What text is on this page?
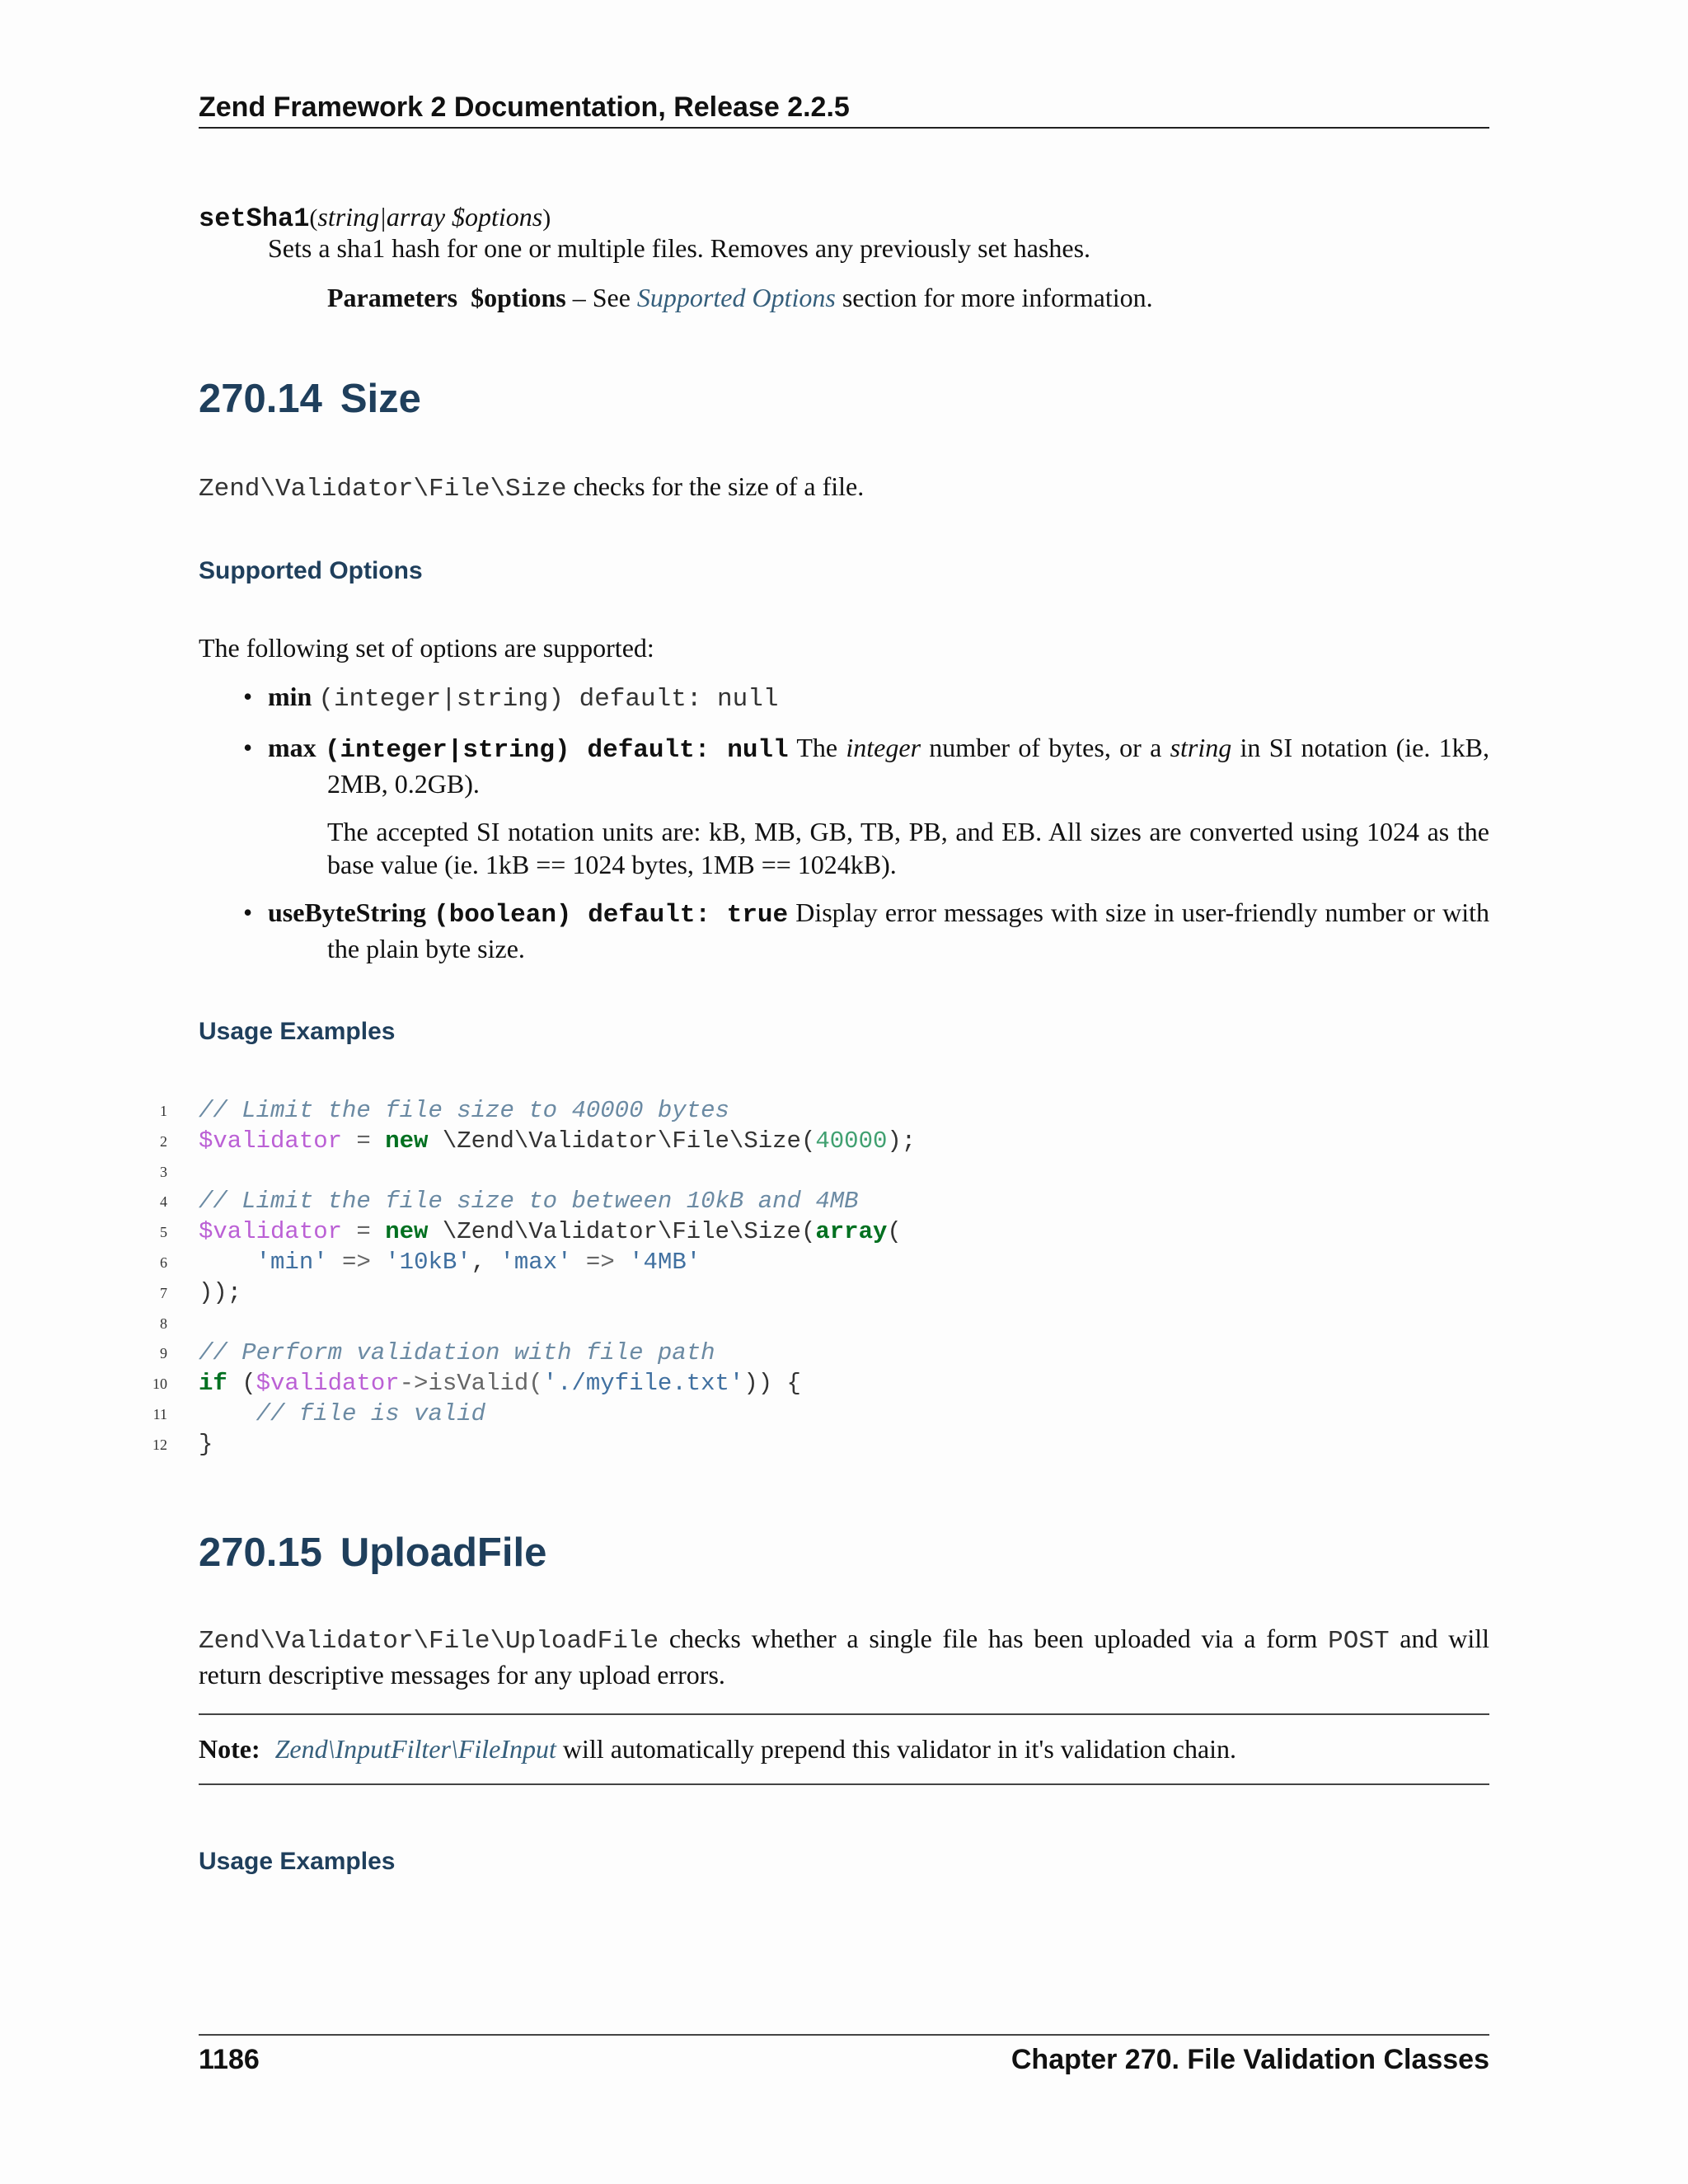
Zend Framework 2 Documentation, Release 2.2.5
setSha1(string|array $options)
Sets a sha1 hash for one or multiple files. Removes any previously set hashes.
Parameters $options – See Supported Options section for more information.
270.14 Size

Zend\Validator\File\Size checks for the size of a file.

Supported Options

The following set of options are supported:

• min (integer|string) default: null
• max (integer|string) default: null The integer number of bytes, or a string in SI notation (ie. 1kB, 2MB, 0.2GB).
The accepted SI notation units are: kB, MB, GB, TB, PB, and EB. All sizes are converted using 1024 as the base value (ie. 1kB == 1024 bytes, 1MB == 1024kB).
• useByteString (boolean) default: true Display error messages with size in user-friendly number or with the plain byte size.
Usage Examples
1 // Limit the file size to 40000 bytes
2 $validator = new \Zend\Validator\File\Size(40000);
3
4 // Limit the file size to between 10kB and 4MB
5 $validator = new \Zend\Validator\File\Size(array(
6	'min' => '10kB', 'max' => '4MB'
7 ));
8
9 // Perform validation with file path
10 if ($validator->isValid('./myfile.txt')) {
11	// file is valid
12 }
270.15 UploadFile

Zend\Validator\File\UploadFile checks whether a single file has been uploaded via a form POST and will return descriptive messages for any upload errors.

Note: Zend\InputFilter\FileInput will automatically prepend this validator in it's validation chain.
Usage Examples
1186	Chapter 270. File Validation Classes
